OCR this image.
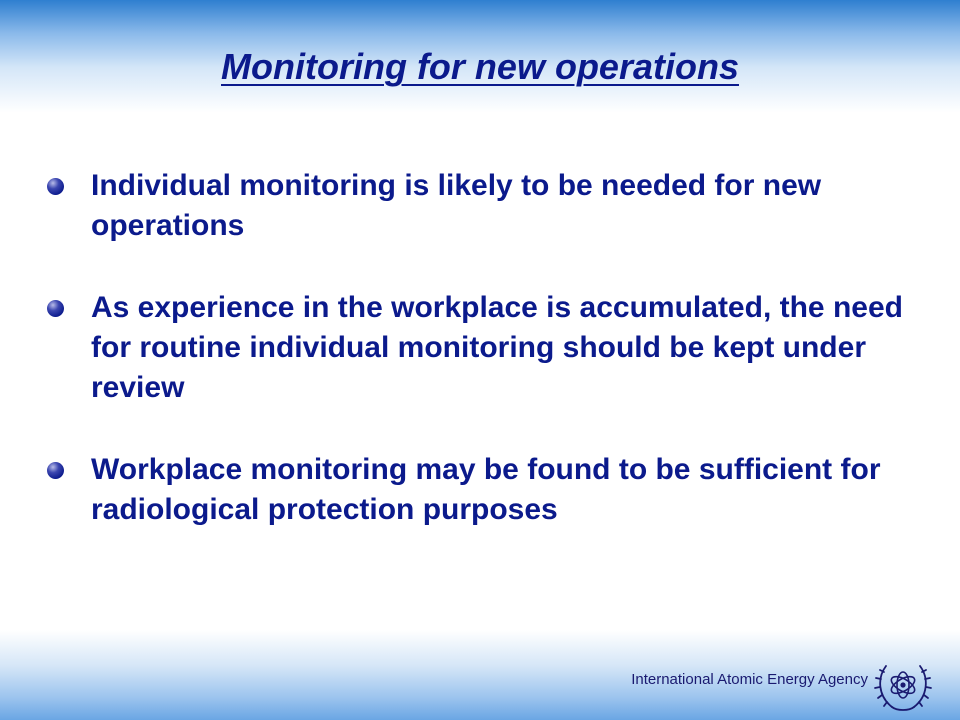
Monitoring for new operations
Individual monitoring is likely to be needed for new operations
As experience in the workplace is accumulated, the need for routine individual monitoring should be kept under review
Workplace monitoring may be found to be sufficient for radiological protection purposes
International Atomic Energy Agency
